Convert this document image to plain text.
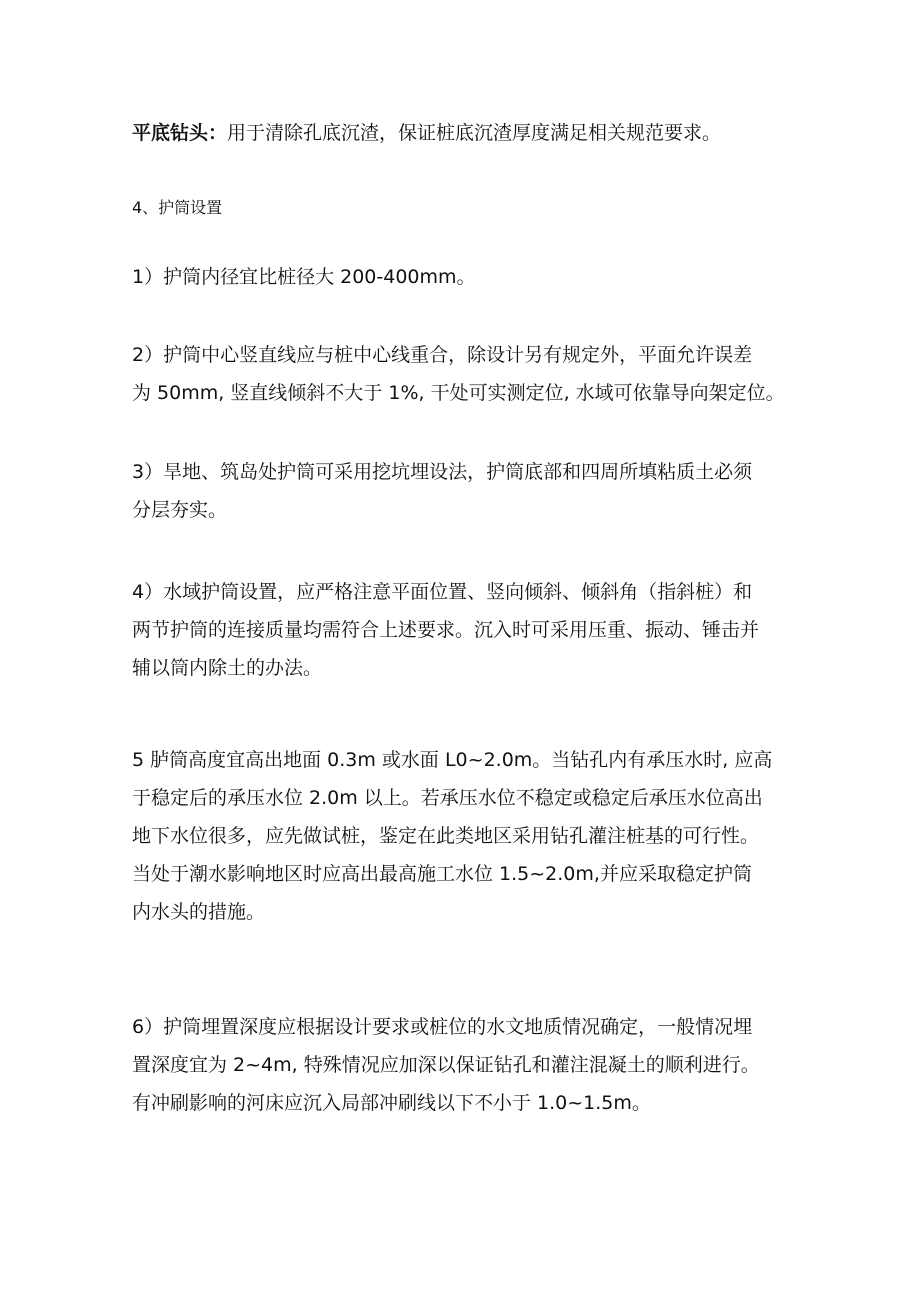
平底钻头：用于清除孔底沉渣，保证桩底沉渣厚度满足相关规范要求。

4、护筒设置

1）护筒内径宜比桩径大 200-400mm。

2）护筒中心竖直线应与桩中心线重合，除设计另有规定外，平面允许误差
为 50mm, 竖直线倾斜不大于 1%, 干处可实测定位, 水域可依靠导向架定位。

3）旱地、筑岛处护筒可采用挖坑埋设法，护筒底部和四周所填粘质土必须
分层夯实。

4）水域护筒设置，应严格注意平面位置、竖向倾斜、倾斜角（指斜桩）和
两节护筒的连接质量均需符合上述要求。沉入时可采用压重、振动、锤击并
辅以筒内除土的办法。

5 胪筒高度宜高出地面 0.3m 或水面 L0~2.0m。当钻孔内有承压水时, 应高
于稳定后的承压水位 2.0m 以上。若承压水位不稳定或稳定后承压水位高出
地下水位很多，应先做试桩，鉴定在此类地区采用钻孔灌注桩基的可行性。
当处于潮水影响地区时应高出最高施工水位 1.5~2.0m,并应采取稳定护筒
内水头的措施。

6）护筒埋置深度应根据设计要求或桩位的水文地质情况确定，一般情况埋
置深度宜为 2~4m, 特殊情况应加深以保证钻孔和灌注混凝土的顺利进行。
有冲刷影响的河床应沉入局部冲刷线以下不小于 1.0~1.5m。
